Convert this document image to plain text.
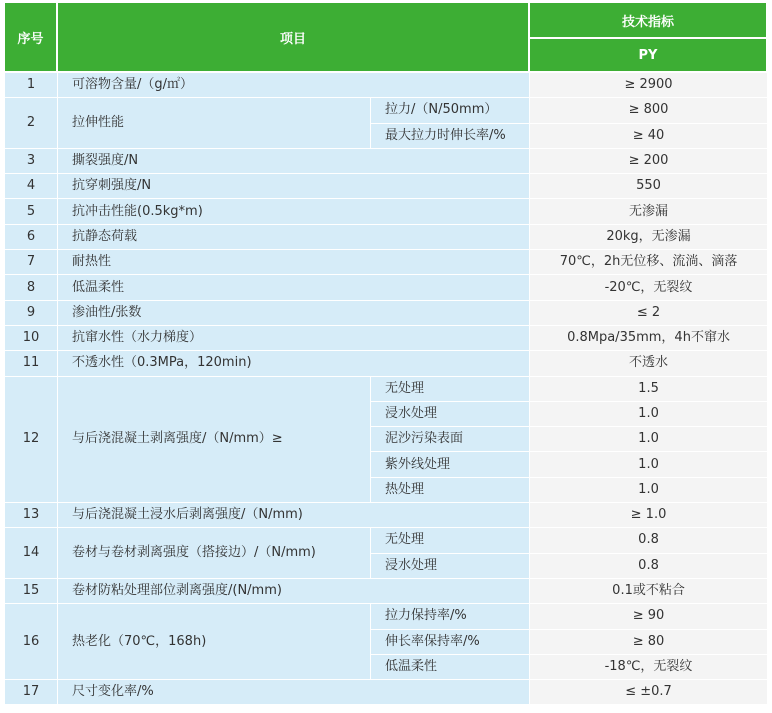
序号	项目		技术指标
			PY
1	可溶物含量/（g/㎡）		≥ 2900
2	拉伸性能	拉力/（N/50mm）	≥ 800
		最大拉力时伸长率/%	≥ 40
3	撕裂强度/N		≥ 200
4	抗穿刺强度/N		550
5	抗冲击性能(0.5kg*m)		无渗漏
6	抗静态荷载		20kg，无渗漏
7	耐热性		70℃，2h无位移、流淌、滴落
8	低温柔性		-20℃，无裂纹
9	渗油性/张数		≤ 2
10	抗窜水性（水力梯度）		0.8Mpa/35mm，4h不窜水
11	不透水性（0.3MPa，120min)		不透水
12	与后浇混凝土剥离强度/（N/mm）≥	无处理	1.5
		浸水处理	1.0
		泥沙污染表面	1.0
		紫外线处理	1.0
		热处理	1.0
13	与后浇混凝土浸水后剥离强度/（N/mm)		≥ 1.0
14	卷材与卷材剥离强度（搭接边）/（N/mm)	无处理	0.8
		浸水处理	0.8
15	卷材防粘处理部位剥离强度/(N/mm)		0.1或不粘合
16	热老化（70℃，168h)	拉力保持率/%	≥ 90
		伸长率保持率/%	≥ 80
		低温柔性	-18℃，无裂纹
17	尺寸变化率/%		≤ ±0.7
